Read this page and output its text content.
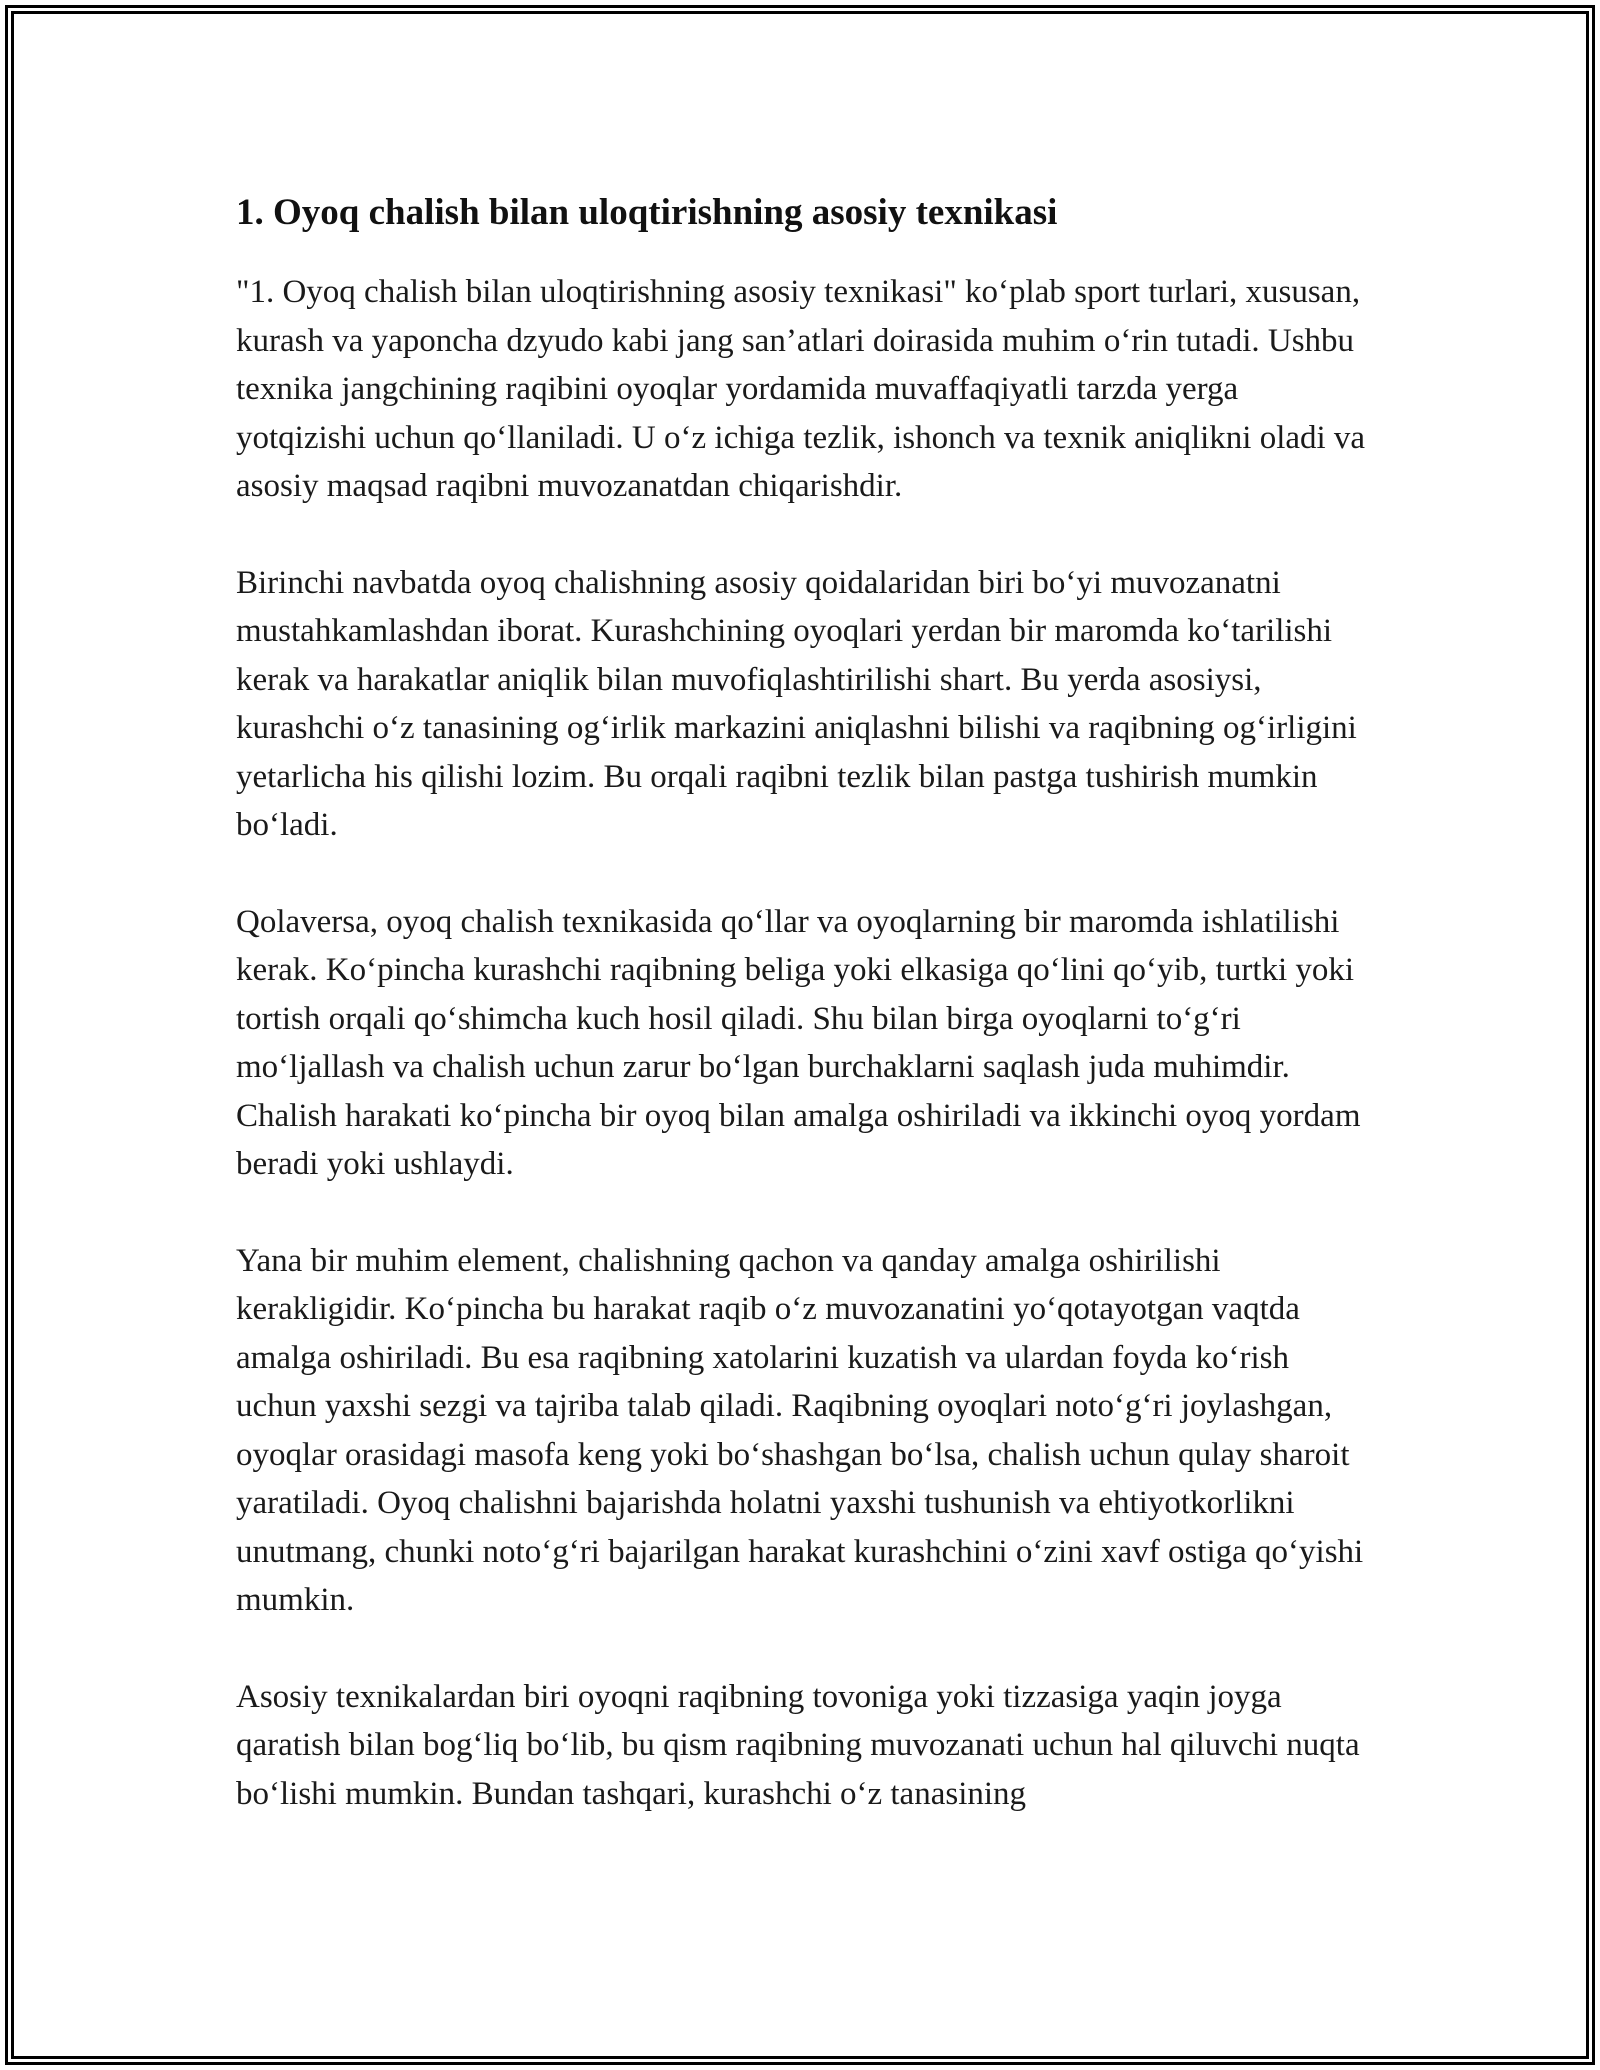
1. Oyoq chalish bilan uloqtirishning asosiy texnikasi

"1. Oyoq chalish bilan uloqtirishning asosiy texnikasi" ko‘plab sport turlari, xususan, kurash va yaponcha dzyudo kabi jang san’atlari doirasida muhim o‘rin tutadi. Ushbu texnika jangchining raqibini oyoqlar yordamida muvaffaqiyatli tarzda yerga yotqizishi uchun qo‘llaniladi. U o‘z ichiga tezlik, ishonch va texnik aniqlikni oladi va asosiy maqsad raqibni muvozanatdan chiqarishdir.

Birinchi navbatda oyoq chalishning asosiy qoidalaridan biri bo‘yi muvozanatni mustahkamlashdan iborat. Kurashchining oyoqlari yerdan bir maromda ko‘tarilishi kerak va harakatlar aniqlik bilan muvofiqlashtirilishi shart. Bu yerda asosiysi, kurashchi o‘z tanasining og‘irlik markazini aniqlashni bilishi va raqibning og‘irligini yetarlicha his qilishi lozim. Bu orqali raqibni tezlik bilan pastga tushirish mumkin bo‘ladi.

Qolaversa, oyoq chalish texnikasida qo‘llar va oyoqlarning bir maromda ishlatilishi kerak. Ko‘pincha kurashchi raqibning beliga yoki elkasiga qo‘lini qo‘yib, turtki yoki tortish orqali qo‘shimcha kuch hosil qiladi. Shu bilan birga oyoqlarni to‘g‘ri mo‘ljallash va chalish uchun zarur bo‘lgan burchaklarni saqlash juda muhimdir. Chalish harakati ko‘pincha bir oyoq bilan amalga oshiriladi va ikkinchi oyoq yordam beradi yoki ushlaydi.

Yana bir muhim element, chalishning qachon va qanday amalga oshirilishi kerakligidir. Ko‘pincha bu harakat raqib o‘z muvozanatini yo‘qotayotgan vaqtda amalga oshiriladi. Bu esa raqibning xatolarini kuzatish va ulardan foyda ko‘rish uchun yaxshi sezgi va tajriba talab qiladi. Raqibning oyoqlari noto‘g‘ri joylashgan, oyoqlar orasidagi masofa keng yoki bo‘shashgan bo‘lsa, chalish uchun qulay sharoit yaratiladi. Oyoq chalishni bajarishda holatni yaxshi tushunish va ehtiyotkorlikni unutmang, chunki noto‘g‘ri bajarilgan harakat kurashchini o‘zini xavf ostiga qo‘yishi mumkin.

Asosiy texnikalardan biri oyoqni raqibning tovoniga yoki tizzasiga yaqin joyga qaratish bilan bog‘liq bo‘lib, bu qism raqibning muvozanati uchun hal qiluvchi nuqta bo‘lishi mumkin. Bundan tashqari, kurashchi o‘z tanasining
